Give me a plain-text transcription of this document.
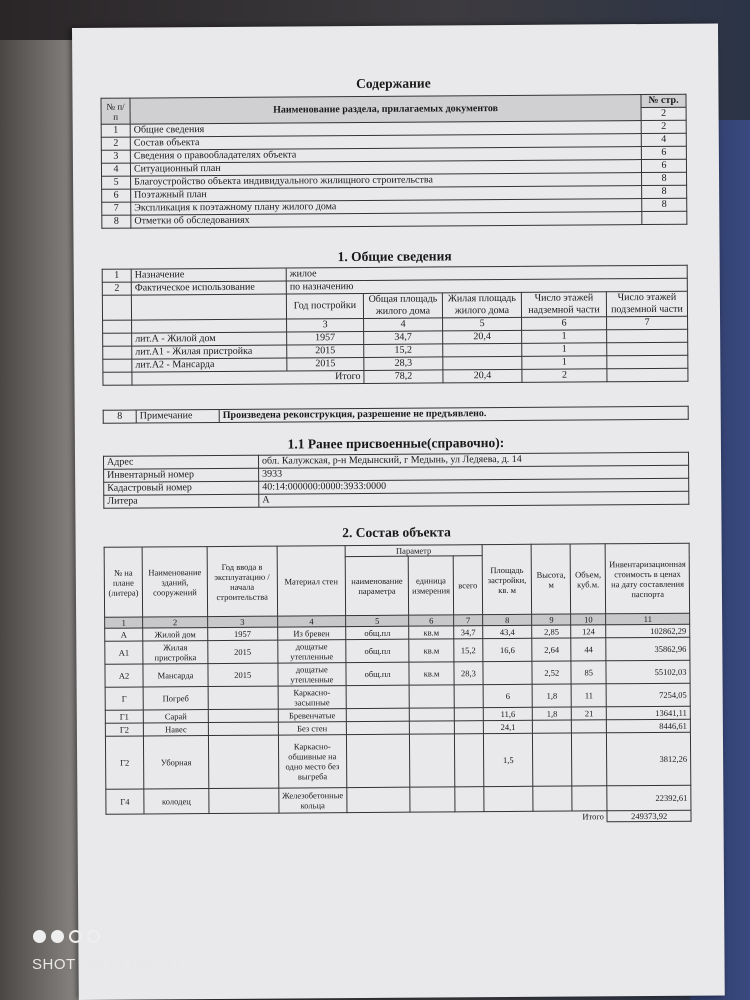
Содержание
№ п/п	Наименование раздела, прилагаемых документов	№ стр.
		2
1	Общие сведения	2
2	Состав объекта	4
3	Сведения о правообладателях объекта	6
4	Ситуационный план	6
5	Благоустройство объекта индивидуального жилищного строительства	8
6	Поэтажный план	8
7	Экспликация к поэтажному плану жилого дома	8
8	Отметки об обследованиях	
1. Общие сведения
1	Назначение	жилое				
2	Фактическое использование	по назначению				
		Год постройки	Общая площадь жилого дома	Жилая площадь жилого дома	Число этажей надземной части	Число этажей подземной части
		3	4	5	6	7
	лит.А - Жилой дом	1957	34,7	20,4	1	
	лит.А1 - Жилая пристройка	2015	15,2		1	
	лит.А2 - Мансарда	2015	28,3		1	
	Итого		78,2	20,4	2	
8	Примечание	Произведена реконструкция, разрешение не предъявлено.
1.1 Ранее присвоенные(справочно):
Адрес	обл. Калужская, р-н Медынский, г Медынь, ул Ледяева, д. 14
Инвентарный номер	3933
Кадастровый номер	40:14:000000:0000:3933:0000
Литера	А
2. Состав объекта
№ на плане (литера)	Наименование зданий, сооружений	Год ввода в эксплуатацию /начала строительства	Материал стен	Параметр			Площадь застройки, кв. м	Высота, м	Объем, куб.м.	Инвентаризационная стоимость в ценах на дату составления паспорта
				наименование параметра	единица измерения	всего				
1	2	3	4	5	6	7	8	9	10	11
А	Жилой дом	1957	Из бревен	общ.пл	кв.м	34,7	43,4	2,85	124	102862,29
А1	Жилая пристройка	2015	дощатые утепленные	общ.пл	кв.м	15,2	16,6	2,64	44	35862,96
А2	Мансарда	2015	дощатые утепленные	общ.пл	кв.м	28,3		2,52	85	55102,03
Г	Погреб		Каркасно-засыпные				6	1,8	11	7254,05
Г1	Сарай		Бревенчатые				11,6	1,8	21	13641,11
Г2	Навес		Без стен				24,1			8446,61
Г2	Уборная		Каркасно-обшивные на одно место без выгреба				1,5			3812,26
Г4	колодец		Железобетонные кольца							22392,61
Итого										249373,92
SHOT ON REDMI 9T
